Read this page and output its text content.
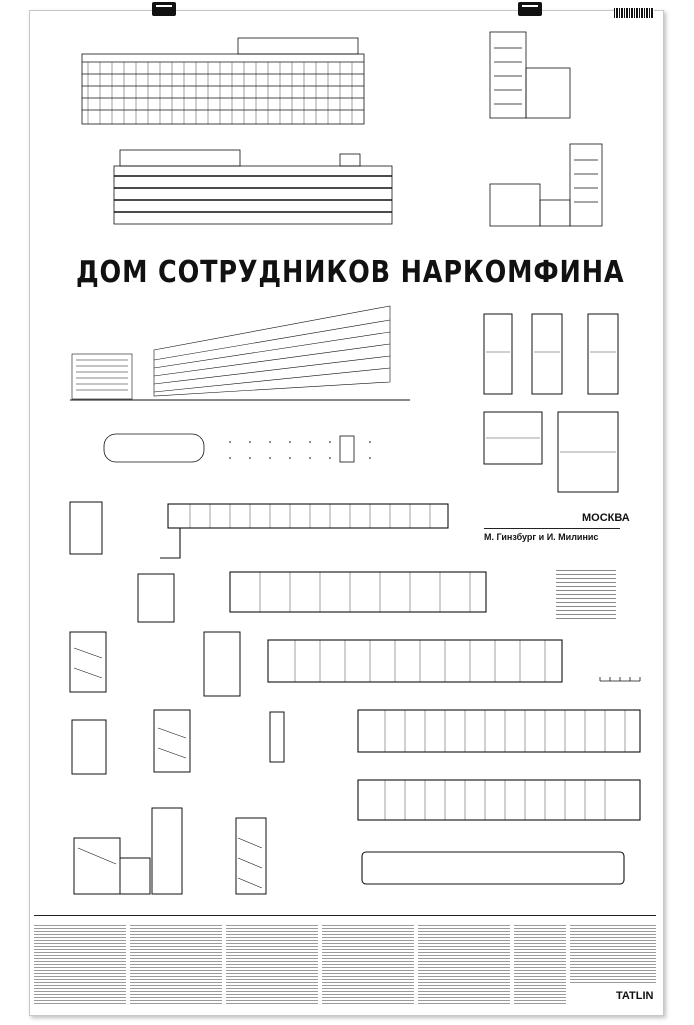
ДОМ СОТРУДНИКОВ НАРКОМФИНА
МОСКВА
М. Гинзбург и И. Милинис
TATLIN
